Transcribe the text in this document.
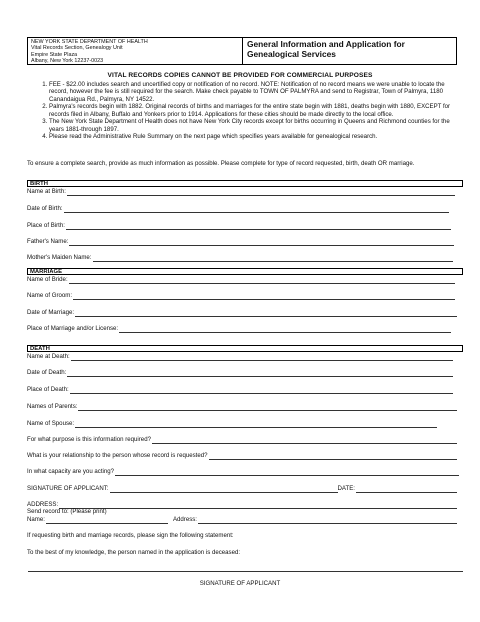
NEW YORK STATE DEPARTMENT OF HEALTH
Vital Records Section, Genealogy Unit
Empire State Plaza
Albany, New York 12237-0023
General Information and Application for
Genealogical Services
VITAL RECORDS COPIES CANNOT BE PROVIDED FOR COMMERCIAL PURPOSES
1. FEE - $22.00 includes search and uncertified copy or notification of no record. NOTE: Notification of no record means we were unable to locate the record, however the fee is still required for the search. Make check payable to TOWN OF PALMYRA and send to Registrar, Town of Palmyra, 1180 Canandaigua Rd., Palmyra, NY 14522.
2. Palmyra's records begin with 1882. Original records of births and marriages for the entire state begin with 1881, deaths begin with 1880, EXCEPT for records filed in Albany, Buffalo and Yonkers prior to 1914. Applications for these cities should be made directly to the local office.
3. The New York State Department of Health does not have New York City records except for births occurring in Queens and Richmond counties for the years 1881-through 1897.
4. Please read the Administrative Rule Summary on the next page which specifies years available for genealogical research.
To ensure a complete search, provide as much information as possible. Please complete for type of record requested, birth, death OR marriage.
BIRTH
Name at Birth:
Date of Birth:
Place of Birth:
Father's Name:
Mother's Maiden Name:
MARRIAGE
Name of Bride:
Name of Groom:
Date of Marriage:
Place of Marriage and/or License:
DEATH
Name at Death:
Date of Death:
Place of Death:
Names of Parents:
Name of Spouse:
For what purpose is this information required?
What is your relationship to the person whose record is requested?
In what capacity are you acting?
SIGNATURE OF APPLICANT:	DATE:
ADDRESS:
Send record to: (Please print)
Name:	Address:
If requesting birth and marriage records, please sign the following statement:
To the best of my knowledge, the person named in the application is deceased:
SIGNATURE OF APPLICANT
